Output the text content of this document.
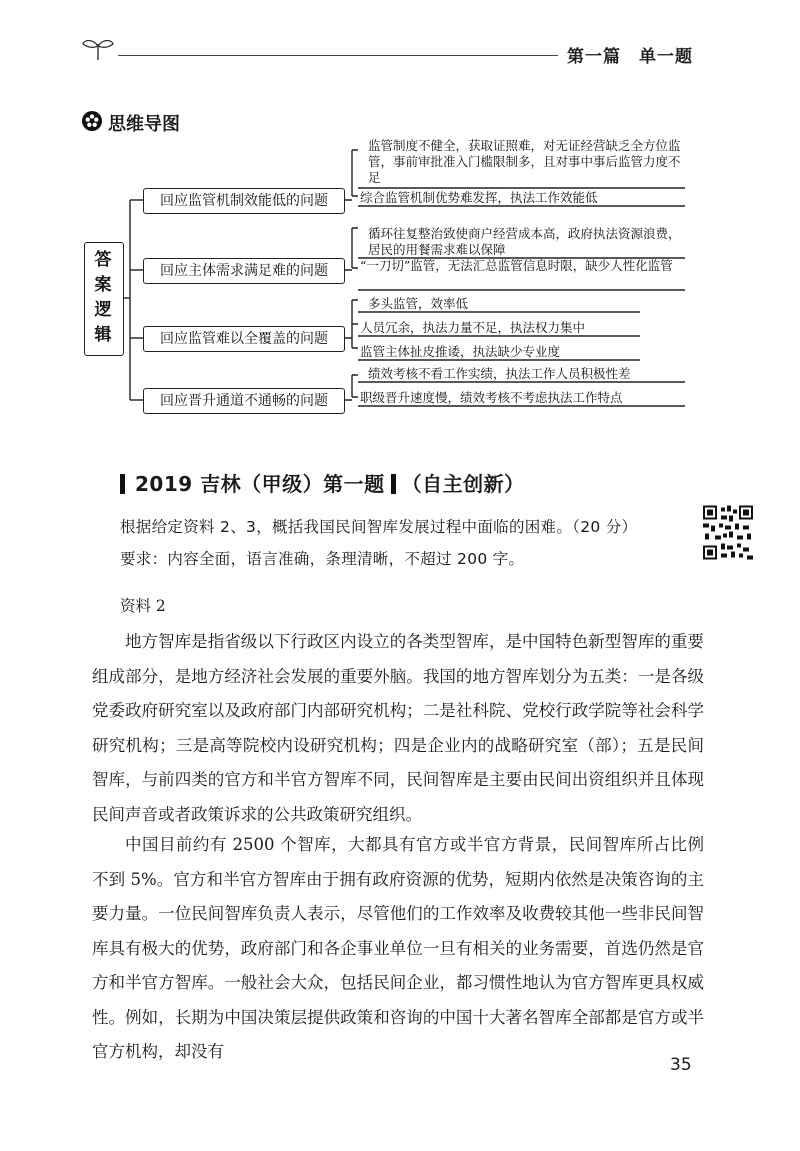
第一篇　单一题
思维导图
答案逻辑
回应监管机制效能低的问题
回应主体需求满足难的问题
回应监管难以全覆盖的问题
回应晋升通道不通畅的问题
监管制度不健全，获取证照难，对无证经营缺乏全方位监管，事前审批准入门槛限制多，且对事中事后监管力度不足
综合监管机制优势难发挥，执法工作效能低
循环往复整治致使商户经营成本高，政府执法资源浪费，居民的用餐需求难以保障
“一刀切”监管，无法汇总监管信息时限，缺少人性化监管
多头监管，效率低
人员冗余，执法力量不足，执法权力集中
监管主体扯皮推诿，执法缺少专业度
绩效考核不看工作实绩，执法工作人员积极性差
职级晋升速度慢，绩效考核不考虑执法工作特点
2019 吉林（甲级）第一题 （自主创新）
根据给定资料 2、3，概括我国民间智库发展过程中面临的困难。（20 分）
要求：内容全面，语言准确，条理清晰，不超过 200 字。
资料 2
地方智库是指省级以下行政区内设立的各类型智库，是中国特色新型智库的重要组成部分，是地方经济社会发展的重要外脑。我国的地方智库划分为五类：一是各级党委政府研究室以及政府部门内部研究机构；二是社科院、党校行政学院等社会科学研究机构；三是高等院校内设研究机构；四是企业内的战略研究室（部）；五是民间智库，与前四类的官方和半官方智库不同，民间智库是主要由民间出资组织并且体现民间声音或者政策诉求的公共政策研究组织。
中国目前约有 2500 个智库，大都具有官方或半官方背景，民间智库所占比例不到 5%。官方和半官方智库由于拥有政府资源的优势，短期内依然是决策咨询的主要力量。一位民间智库负责人表示，尽管他们的工作效率及收费较其他一些非民间智库具有极大的优势，政府部门和各企事业单位一旦有相关的业务需要，首选仍然是官方和半官方智库。一般社会大众，包括民间企业，都习惯性地认为官方智库更具权威性。例如，长期为中国决策层提供政策和咨询的中国十大著名智库全部都是官方或半官方机构，却没有
35
